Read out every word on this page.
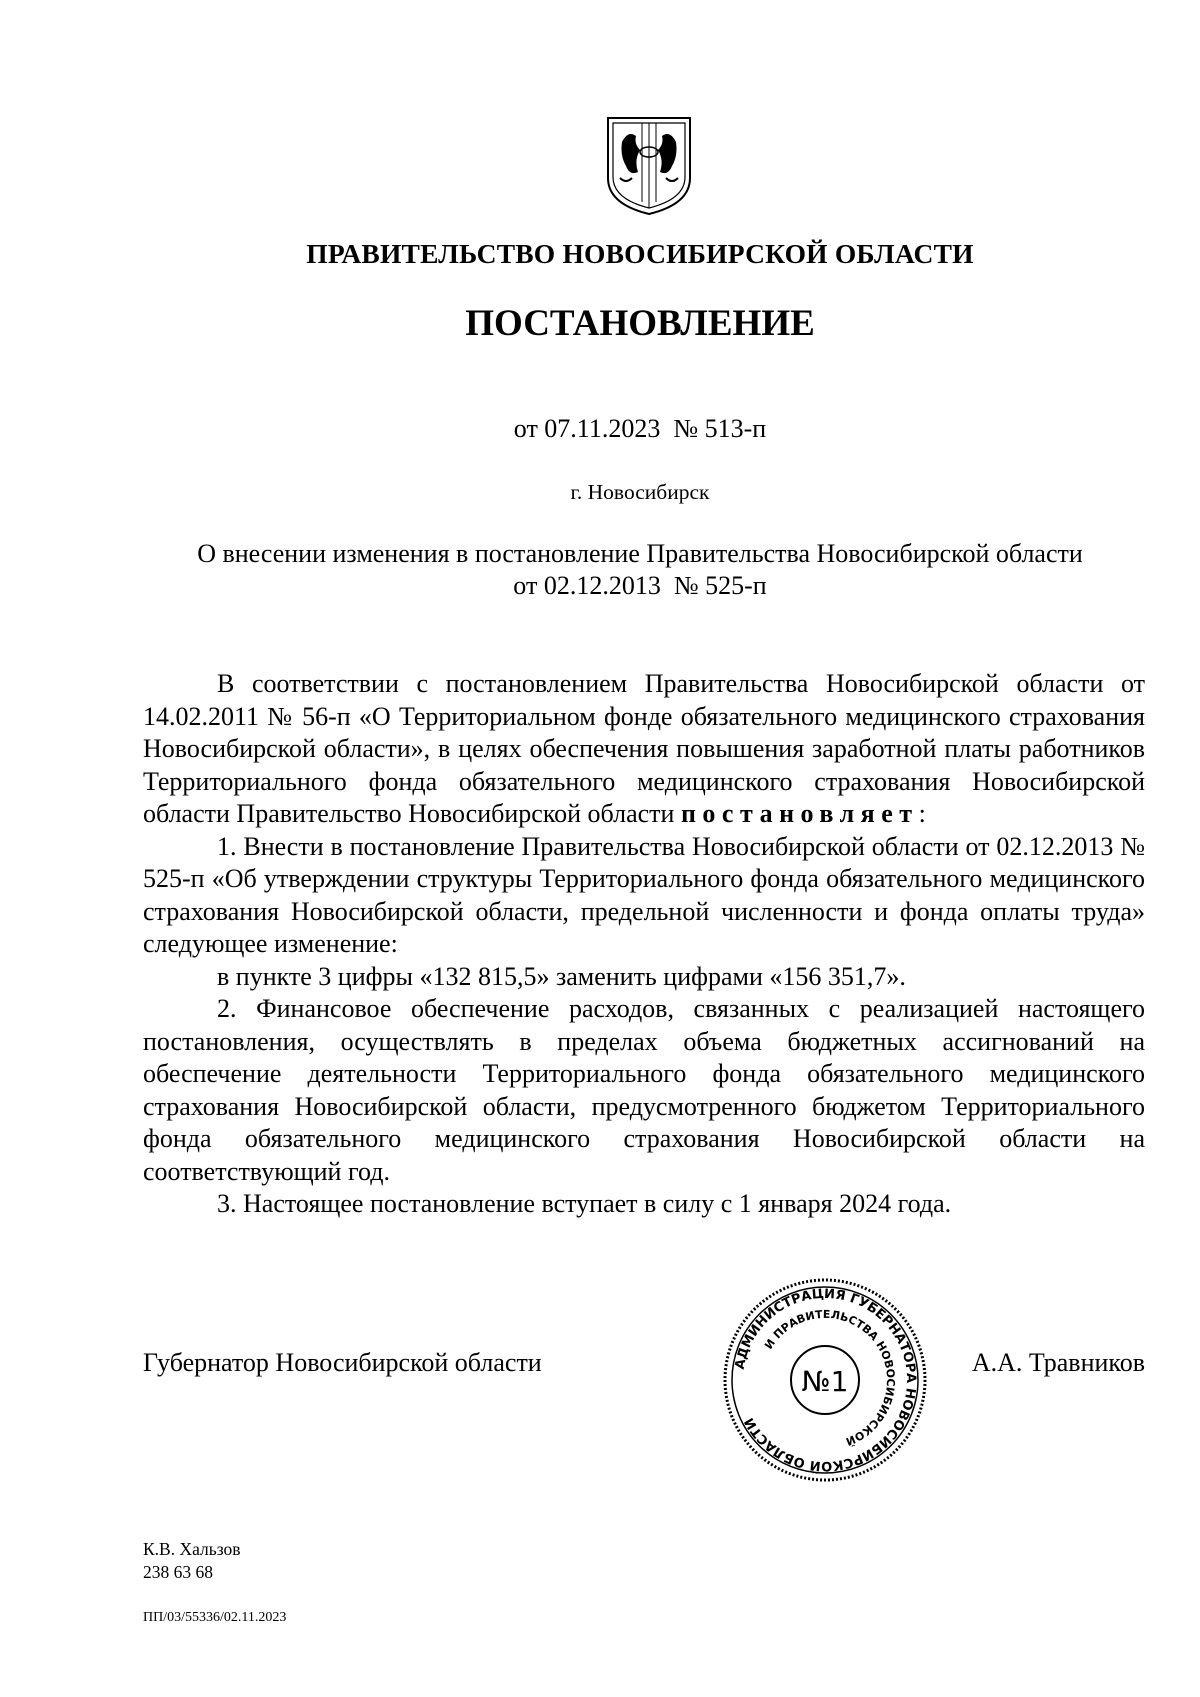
ПРАВИТЕЛЬСТВО НОВОСИБИРСКОЙ ОБЛАСТИ
ПОСТАНОВЛЕНИЕ
от 07.11.2023  № 513-п
г. Новосибирск
О внесении изменения в постановление Правительства Новосибирской области
от 02.12.2013  № 525-п

В соответствии с постановлением Правительства Новосибирской области от 14.02.2011 № 56-п «О Территориальном фонде обязательного медицинского страхования Новосибирской области», в целях обеспечения повышения заработной платы работников Территориального фонда обязательного медицинского страхования Новосибирской области Правительство Новосибирской области постановляет:

1. Внести в постановление Правительства Новосибирской области от 02.12.2013 № 525-п «Об утверждении структуры Территориального фонда обязательного медицинского страхования Новосибирской области, предельной численности и фонда оплаты труда» следующее изменение:

в пункте 3 цифры «132 815,5» заменить цифрами «156 351,7».

2. Финансовое обеспечение расходов, связанных с реализацией настоящего постановления, осуществлять в пределах объема бюджетных ассигнований на обеспечение деятельности Территориального фонда обязательного медицинского страхования Новосибирской области, предусмотренного бюджетом Территориального фонда обязательного медицинского страхования Новосибирской области на соответствующий год.

3. Настоящее постановление вступает в силу с 1 января 2024 года.

Губернатор Новосибирской области	АДМИНИСТРАЦИЯ ГУБЕРНАТОРА НОВОСИБИРСКОЙ ОБЛАСТИ
И ПРАВИТЕЛЬСТВА НОВОСИБИРСКОЙ
№1
А.А. Травников
К.В. Хальзов
238 63 68
ПП/03/55336/02.11.2023
